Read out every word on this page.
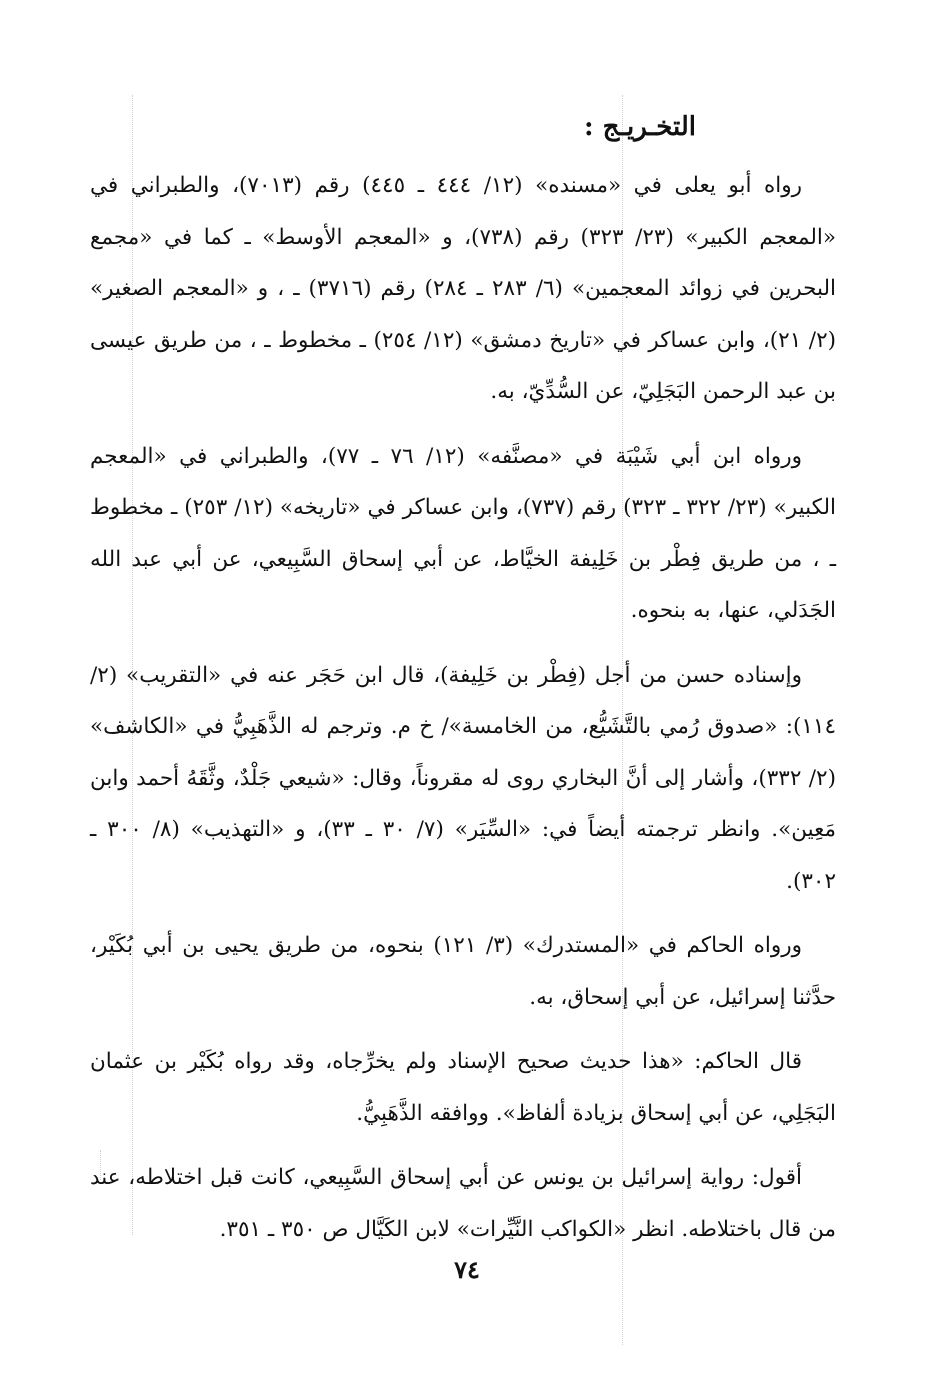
التخـريـج :

رواه أبو يعلى في «مسنده» (١٢/ ٤٤٤ ـ ٤٤٥) رقم (٧٠١٣)، والطبراني في «المعجم الكبير» (٢٣/ ٣٢٣) رقم (٧٣٨)، و «المعجم الأوسط» ـ كما في «مجمع البحرين في زوائد المعجمين» (٦/ ٢٨٣ ـ ٢٨٤) رقم (٣٧١٦) ـ ، و «المعجم الصغير» (٢/ ٢١)، وابن عساكر في «تاريخ دمشق» (١٢/ ٢٥٤) ـ مخطوط ـ ، من طريق عيسى بن عبد الرحمن البَجَلِيّ، عن السُّدِّيّ، به.

ورواه ابن أبي شَيْبَة في «مصنَّفه» (١٢/ ٧٦ ـ ٧٧)، والطبراني في «المعجم الكبير» (٢٣/ ٣٢٢ ـ ٣٢٣) رقم (٧٣٧)، وابن عساكر في «تاريخه» (١٢/ ٢٥٣) ـ مخطوط ـ ، من طريق فِطْر بن خَلِيفة الخيَّاط، عن أبي إسحاق السَّبِيعي، عن أبي عبد الله الجَدَلي، عنها، به بنحوه.

وإسناده حسن من أجل (فِطْر بن خَلِيفة)، قال ابن حَجَر عنه في «التقريب» (٢/ ١١٤): «صدوق رُمي بالتَّشَيُّع، من الخامسة»/ خ م. وترجم له الذَّهَبِيُّ في «الكاشف» (٢/ ٣٣٢)، وأشار إلى أنَّ البخاري روى له مقروناً، وقال: «شيعي جَلْدٌ، وثَّقَهُ أحمد وابن مَعِين». وانظر ترجمته أيضاً في: «السِّيَر» (٧/ ٣٠ ـ ٣٣)، و «التهذيب» (٨/ ٣٠٠ ـ ٣٠٢).

ورواه الحاكم في «المستدرك» (٣/ ١٢١) بنحوه، من طريق يحيى بن أبي بُكَيْر، حدَّثنا إسرائيل، عن أبي إسحاق، به.

قال الحاكم: «هذا حديث صحيح الإسناد ولم يخرِّجاه، وقد رواه بُكَيْر بن عثمان البَجَلِي، عن أبي إسحاق بزيادة ألفاظ». ووافقه الذَّهَبِيُّ.

أقول: رواية إسرائيل بن يونس عن أبي إسحاق السَّبِيعي، كانت قبل اختلاطه، عند من قال باختلاطه. انظر «الكواكب النَّيِّرات» لابن الكَيَّال ص ٣٥٠ ـ ٣٥١.

٧٤
